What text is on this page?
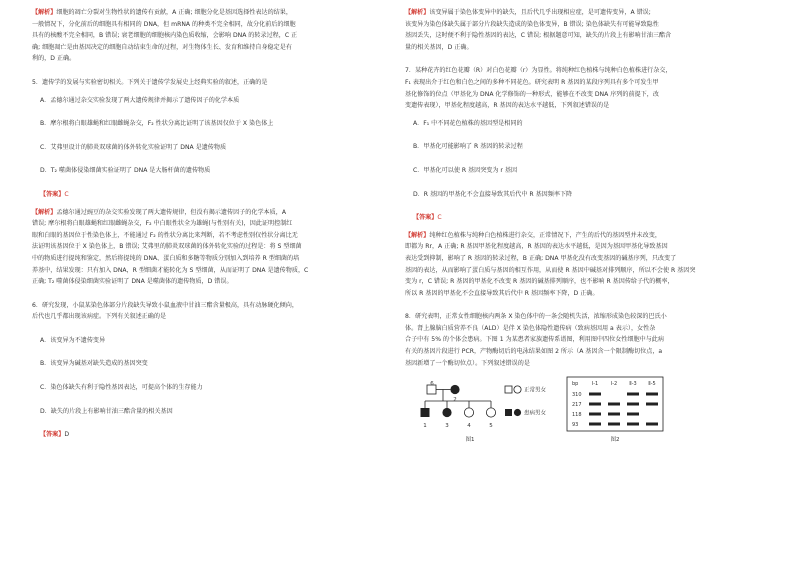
【解析】细胞的凋亡分裂对生物性状的遗传有贡献，A 正确; 细胞分化是基因选择性表达的结果，

一般情况下，分化前后的细胞具有相同的 DNA，但 mRNA 的种类不完全相同，故分化前后的细胞

具有的核酸不完全相同，B 错误; 衰老细胞的细胞核内染色质收缩，会影响 DNA 的转录过程，C 正

确; 细胞凋亡是由基因决定的细胞自动结束生命的过程，对生物体生长、发育和维持自身稳定是有

利的，D 正确。

5．遗传学的发展与实验密切相关。下列关于遗传学发展史上经典实验的叙述，正确的是

A．孟德尔通过杂交实验发现了两大遗传规律并揭示了遗传因子的化学本质

B．摩尔根将白眼雄蝇和红眼雌蝇杂交，F₂ 性状分离比证明了该基因仅位于 X 染色体上

C．艾弗里设计的肺炎双球菌的体外转化实验证明了 DNA 是遗传物质

D．T₂ 噬菌体侵染细菌实验证明了 DNA 是大肠杆菌的遗传物质

【答案】C

【解析】孟德尔通过豌豆的杂交实验发现了两大遗传规律，但没有揭示遗传因子的化学本质，A

错误; 摩尔根将白眼雄蝇和红眼雌蝇杂交，F₂ 中白眼性状全为雄蝇(与性别有关)，因此证明控制红

眼和白眼的基因位于性染色体上，不能通过 F₂ 的性状分离比来判断，若不考虑性别仅性状分离比无

法证明该基因位于 X 染色体上，B 错误; 艾弗里的肺炎双球菌的体外转化实验的过程是：将 S 型细菌

中的物质进行提纯和鉴定，然后将提纯的 DNA、蛋白质和多糖等物质分别加入到培养 R 型细菌的培

养基中，结果发现：只有加入 DNA，R 型细菌才能转化为 S 型细菌，从而证明了 DNA 是遗传物质，C

正确; T₂ 噬菌体侵染细菌实验证明了 DNA 是噬菌体的遗传物质，D 错误。

6．研究发现，小鼠某染色体部分片段缺失导致小鼠血液中甘油三酯含量极高，具有动脉硬化倾向，

后代也几乎都出现该病症。下列有关叙述正确的是

A．该变异为不遗传变异

B．该变异为碱基对缺失造成的基因突变

C．染色体缺失有利于隐性基因表达，可提高个体的生存能力

D．缺失的片段上有影响甘油三酯含量的相关基因

【答案】D

【解析】该变异属于染色体变异中的缺失，且后代几乎出现相应症，是可遗传变异，A 错误;

该变异为染色体缺失属于部分片段缺失造成的染色体变异，B 错误; 染色体缺失有可能导致隐性

基因丢失，这时便不利于隐性基因的表达，C 错误; 根据题意可知，缺失的片段上有影响甘油三酯含

量的相关基因，D 正确。

7．某种花卉的红色花瓣（R）对白色花瓣（r）为显性。将纯种红色植株与纯种白色植株进行杂交，

F₁ 表现出介于红色和白色之间的多种不同花色。研究表明 R 基因的某段序列具有多个可发生甲

基化修饰的位点（甲基化为 DNA 化学修饰的一种形式，能够在不改变 DNA 序列的前提下，改

变遗传表现），甲基化程度越高，R 基因的表达水平越低，下列叙述错误的是

A．F₁ 中不同花色植株的基因型是相同的

B．甲基化可能影响了 R 基因的转录过程

C．甲基化可以使 R 基因突变为 r 基因

D．R 基因的甲基化不会直接导致其后代中 R 基因频率下降

【答案】C

【解析】纯种红色植株与纯种白色植株进行杂交，正常情况下，产生的后代的基因型并未改变，

即都为 Rr，A 正确; R 基因甲基化程度越高，R 基因的表达水平越低，是因为基因甲基化导致基因

表达受到抑制，影响了 R 基因的转录过程，B 正确; DNA 甲基化没有改变基因的碱基序列，只改变了

基因的表达，从而影响了蛋白质与基因的相互作用，从而使 R 基因中碱基对排列顺序，所以不会使 R 基因突

变为 r，C 错误; R 基因的甲基化不改变 R 基因的碱基排列顺序，也不影响 R 基因传给子代的概率，

所以 R 基因的甲基化不会直接导致其后代中 R 基因频率下降，D 正确。

8．研究表明，正常女性细胞核内两条 X 染色体中的一条会随机失活，浓缩形成染色较深的巴氏小

体。肾上腺脑白质营养不良（ALD）是伴 X 染色体隐性遗传病（致病基因用 a 表示），女性杂

合子中有 5% 的个体会患病。下图 1 为某患者家族遗传系谱图，利用图中四位女性细胞中与此病

有关的基因片段进行 PCR，产物酶切后的电泳结果如图 2 所示（A 基因含一个限制酶切位点，a

基因新增了一个酶切位点）。下列叙述错误的是

1
2
3	4	5
6
正常男女
患病男女
图1
bp
310
217
118
93
Ⅰ-1	Ⅰ-2 Ⅱ-3 Ⅱ-5
图2
